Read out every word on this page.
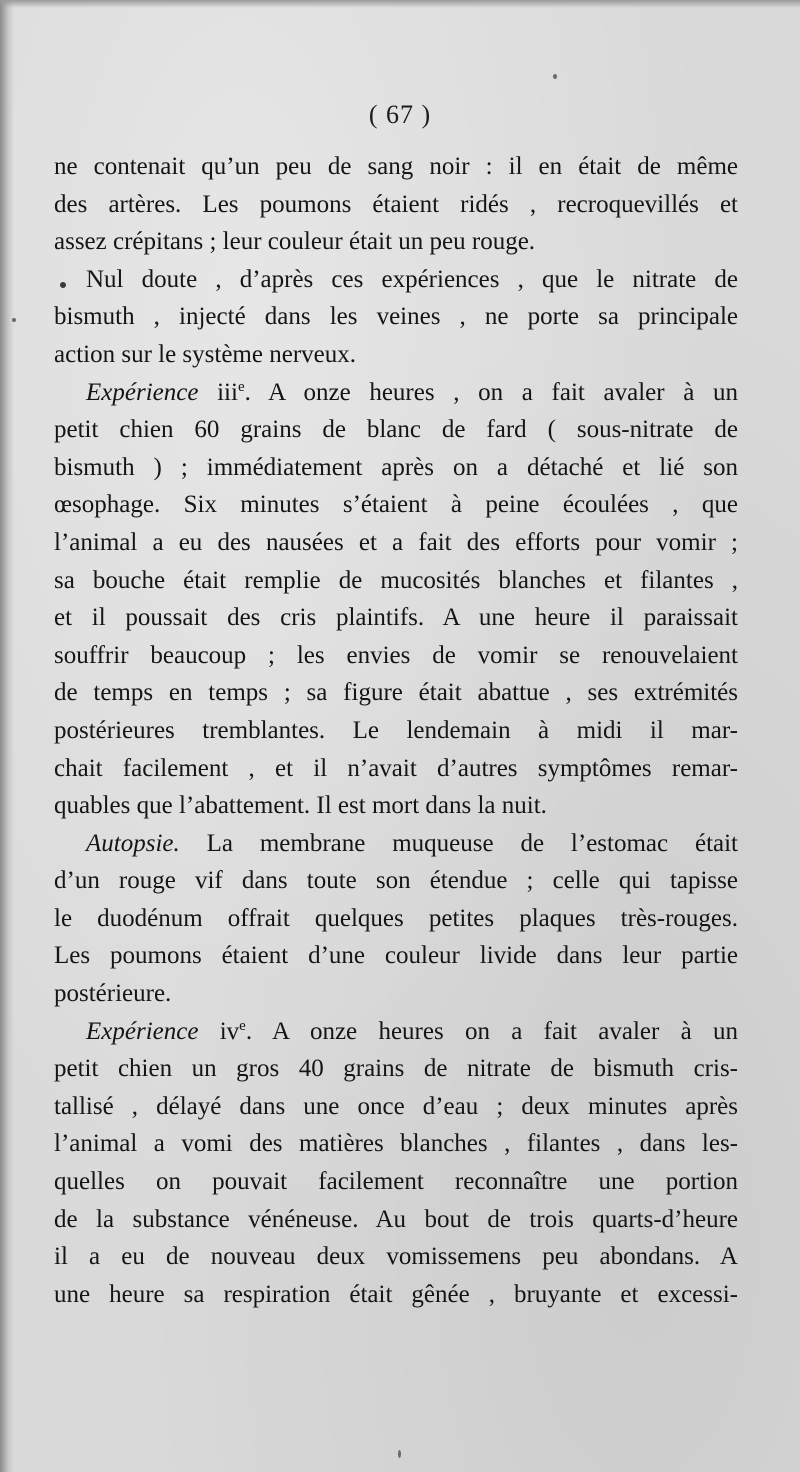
( 67 )
ne contenait qu’un peu de sang noir : il en était de même
des artères. Les poumons étaient ridés , recroquevillés et
assez crépitans ; leur couleur était un peu rouge.
Nul doute , d’après ces expériences , que le nitrate de
bismuth , injecté dans les veines , ne porte sa principale
action sur le système nerveux.
Expérience iii$^e$. A onze heures , on a fait avaler à un
petit chien 60 grains de blanc de fard ( sous-nitrate de
bismuth ) ; immédiatement après on a détaché et lié son
œsophage. Six minutes s’étaient à peine écoulées , que
l’animal a eu des nausées et a fait des efforts pour vomir ;
sa bouche était remplie de mucosités blanches et filantes ,
et il poussait des cris plaintifs. A une heure il paraissait
souffrir beaucoup ; les envies de vomir se renouvelaient
de temps en temps ; sa figure était abattue , ses extrémités
postérieures tremblantes. Le lendemain à midi il mar-
chait facilement , et il n’avait d’autres symptômes remar-
quables que l’abattement. Il est mort dans la nuit.
Autopsie. La membrane muqueuse de l’estomac était
d’un rouge vif dans toute son étendue ; celle qui tapisse
le duodénum offrait quelques petites plaques très-rouges.
Les poumons étaient d’une couleur livide dans leur partie
postérieure.
Expérience $iv^e$. A onze heures on a fait avaler à un
petit chien un gros 40 grains de nitrate de bismuth cris-
tallisé , délayé dans une once d’eau ; deux minutes après
l’animal a vomi des matières blanches , filantes , dans les-
quelles on pouvait facilement reconnaître une portion
de la substance vénéneuse. Au bout de trois quarts-d’heure
il a eu de nouveau deux vomissemens peu abondans. A
une heure sa respiration était gênée , bruyante et excessi-
